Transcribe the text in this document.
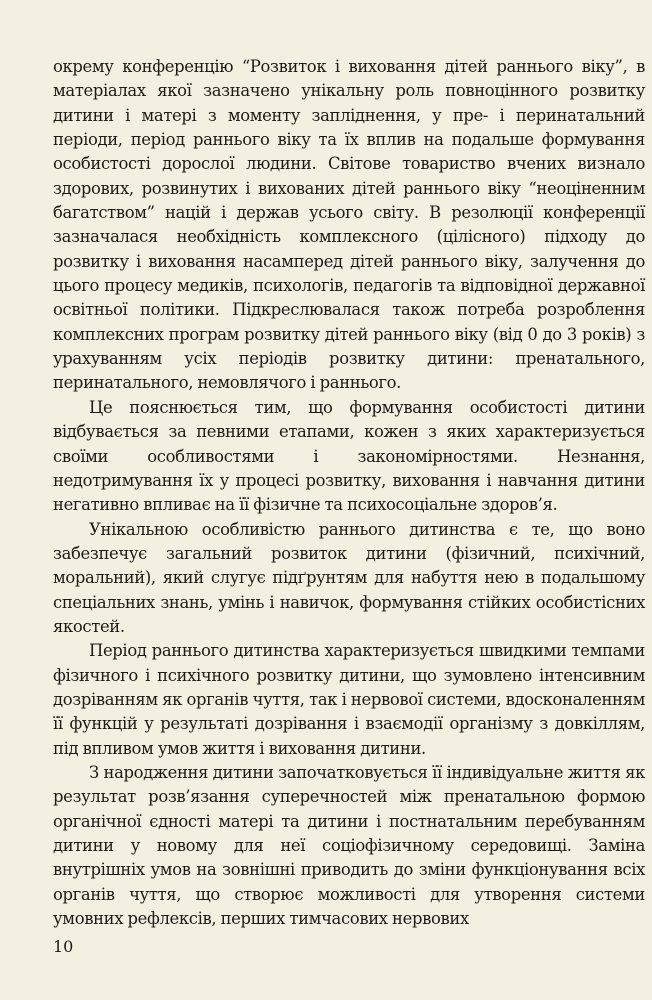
окрему конференцію “Розвиток і виховання дітей раннього віку”, в матеріалах якої зазначено унікальну роль повноцінного розвитку дитини і матері з моменту запліднення, у пре- і перинатальний періоди, період раннього віку та їх вплив на подальше формування особистості дорослої людини. Світове товариство вчених визнало здорових, розвинутих і вихованих дітей раннього віку “неоціненним багатством” націй і держав усього світу. В резолюції конференції зазначалася необхідність комплексного (цілісного) підходу до розвитку і виховання насамперед дітей раннього віку, залучення до цього процесу медиків, психологів, педагогів та відповідної державної освітньої політики. Підкреслювалася також потреба розроблення комплексних програм розвитку дітей раннього віку (від 0 до 3 років) з урахуванням усіх періодів розвитку дитини: пренатального, перинатального, немовлячого і раннього.

Це пояснюється тим, що формування особистості дитини відбувається за певними етапами, кожен з яких характеризується своїми особливостями і закономірностями. Незнання, недотримування їх у процесі розвитку, виховання і навчання дитини негативно впливає на її фізичне та психосоціальне здоров’я.

Унікальною особливістю раннього дитинства є те, що воно забезпечує загальний розвиток дитини (фізичний, психічний, моральний), який слугує підґрунтям для набуття нею в подальшому спеціальних знань, умінь і навичок, формування стійких особистісних якостей.

Період раннього дитинства характеризується швидкими темпами фізичного і психічного розвитку дитини, що зумовлено інтенсивним дозріванням як органів чуття, так і нервової системи, вдосконаленням її функцій у результаті дозрівання і взаємодії організму з довкіллям, під впливом умов життя і виховання дитини.

З народження дитини започатковується її індивідуальне життя як результат розв’язання суперечностей між пренатальною формою органічної єдності матері та дитини і постнатальним перебуванням дитини у новому для неї соціофізичному середовищі. Заміна внутрішніх умов на зовнішні приводить до зміни функціонування всіх органів чуття, що створює можливості для утворення системи умовних рефлексів, перших тимчасових нервових

10
